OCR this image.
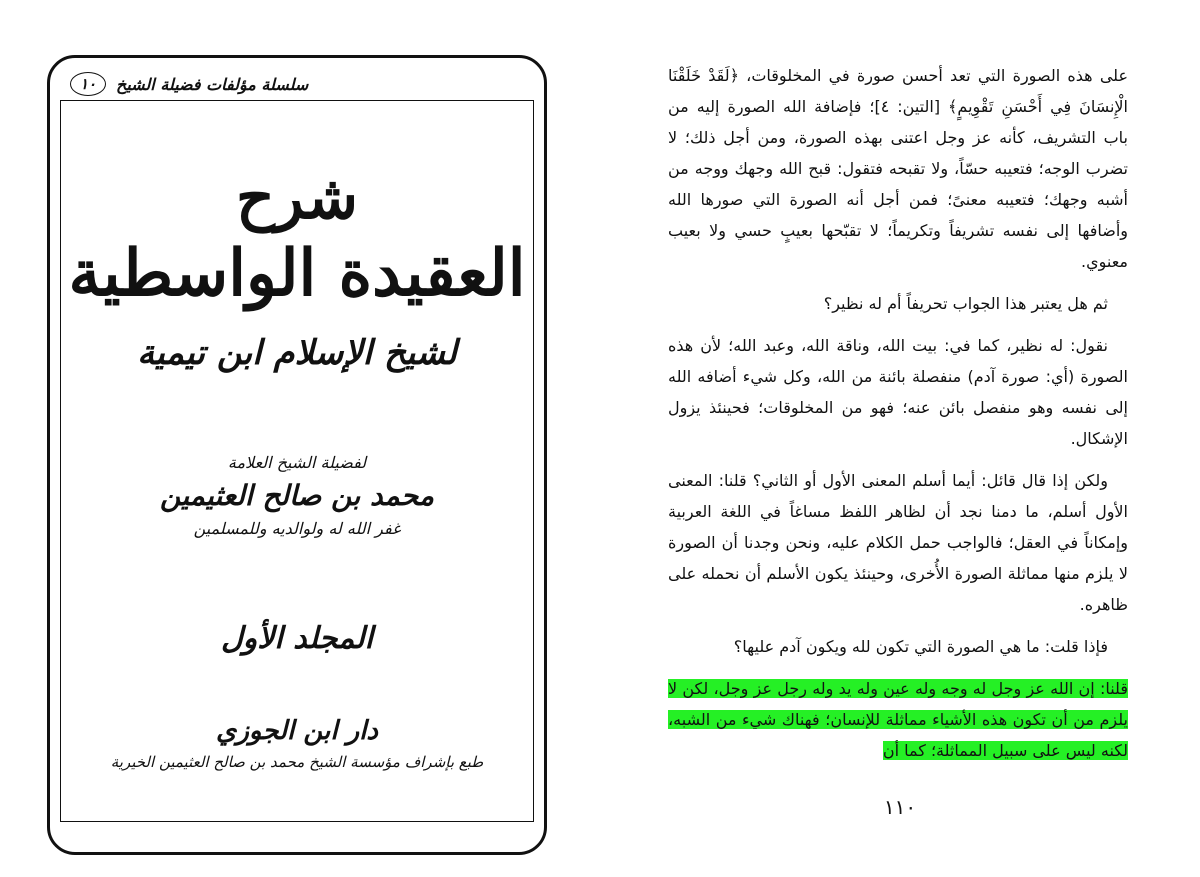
سلسلة مؤلفات فضيلة الشيخ
١٠
شرح
العقيدة الواسطية
لشيخ الإسلام ابن تيمية
لفضيلة الشيخ العلامة
محمد بن صالح العثيمين
غفر الله له ولوالديه وللمسلمين
المجلد الأول
دار ابن الجوزي
طبع بإشراف مؤسسة الشيخ محمد بن صالح العثيمين الخيرية

على هذه الصورة التي تعد أحسن صورة في المخلوقات، ﴿لَقَدْ خَلَقْنَا الْإِنسَانَ فِي أَحْسَنِ تَقْوِيمٍ﴾ [التين: ٤]؛ فإضافة الله الصورة إليه من باب التشريف، كأنه عز وجل اعتنى بهذه الصورة، ومن أجل ذلك؛ لا تضرب الوجه؛ فتعيبه حسّاً، ولا تقبحه فتقول: قبح الله وجهك ووجه من أشبه وجهك؛ فتعيبه معنىً؛ فمن أجل أنه الصورة التي صورها الله وأضافها إلى نفسه تشريفاً وتكريماً؛ لا تقبّحها بعيبٍ حسي ولا بعيب معنوي.

ثم هل يعتبر هذا الجواب تحريفاً أم له نظير؟

نقول: له نظير، كما في: بيت الله، وناقة الله، وعبد الله؛ لأن هذه الصورة (أي: صورة آدم) منفصلة بائنة من الله، وكل شيء أضافه الله إلى نفسه وهو منفصل بائن عنه؛ فهو من المخلوقات؛ فحينئذ يزول الإشكال.

ولكن إذا قال قائل: أيما أسلم المعنى الأول أو الثاني؟ قلنا: المعنى الأول أسلم، ما دمنا نجد أن لظاهر اللفظ مساغاً في اللغة العربية وإمكاناً في العقل؛ فالواجب حمل الكلام عليه، ونحن وجدنا أن الصورة لا يلزم منها مماثلة الصورة الأُخرى، وحينئذ يكون الأسلم أن نحمله على ظاهره.

فإذا قلت: ما هي الصورة التي تكون لله ويكون آدم عليها؟

قلنا: إن الله عز وجل له وجه وله عين وله يد وله رجل عز وجل، لكن لا يلزم من أن تكون هذه الأشياء مماثلة للإنسان؛ فهناك شيء من الشبه، لكنه ليس على سبيل المماثلة؛ كما أن

١١٠
